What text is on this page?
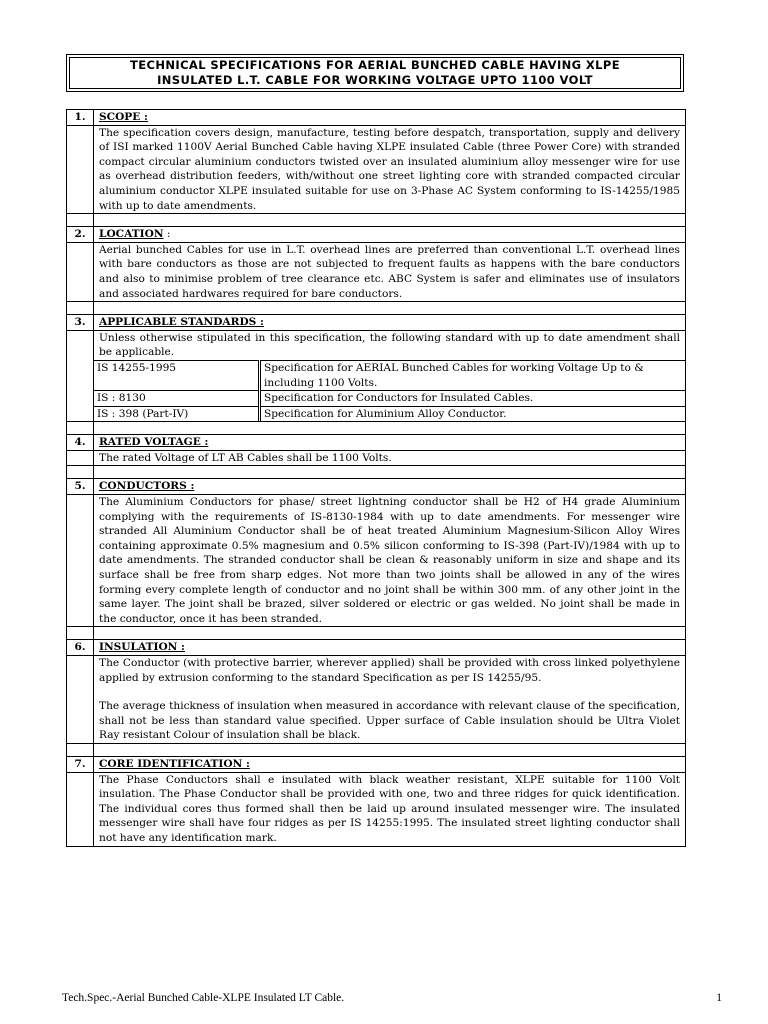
TECHNICAL SPECIFICATIONS FOR AERIAL BUNCHED CABLE HAVING XLPE
INSULATED L.T. CABLE FOR WORKING VOLTAGE UPTO 1100 VOLT
1.	SCOPE :

The specification covers design, manufacture, testing before despatch, transportation, supply and delivery of ISI marked 1100V Aerial Bunched Cable having XLPE insulated Cable (three Power Core) with stranded compact circular aluminium conductors twisted over an insulated aluminium alloy messenger wire for use as overhead distribution feeders, with/without one street lighting core with stranded compacted circular aluminium conductor XLPE insulated suitable for use on 3-Phase AC System conforming to IS-14255/1985 with up to date amendments.

2.	LOCATION :

Aerial bunched Cables for use in L.T. overhead lines are preferred than conventional L.T. overhead lines with bare conductors as those are not subjected to frequent faults as happens with the bare conductors and also to minimise problem of tree clearance etc. ABC System is safer and eliminates use of insulators and associated hardwares required for bare conductors.

3.	APPLICABLE STANDARDS :

Unless otherwise stipulated in this specification, the following standard with up to date amendment shall be applicable.
IS 14255-1995	Specification for AERIAL Bunched Cables for working Voltage Up to & including 1100 Volts.
IS : 8130	Specification for Conductors for Insulated Cables.
IS : 398 (Part-IV)	Specification for Aluminium Alloy Conductor.

4.	RATED VOLTAGE :

The rated Voltage of LT AB Cables shall be 1100 Volts.

5.	CONDUCTORS :

The Aluminium Conductors for phase/ street lightning conductor shall be H2 of H4 grade Aluminium complying with the requirements of IS-8130-1984 with up to date amendments. For messenger wire stranded All Aluminium Conductor shall be of heat treated Aluminium Magnesium-Silicon Alloy Wires containing approximate 0.5% magnesium and 0.5% silicon conforming to IS-398 (Part-IV)/1984 with up to date amendments. The stranded conductor shall be clean & reasonably uniform in size and shape and its surface shall be free from sharp edges. Not more than two joints shall be allowed in any of the wires forming every complete length of conductor and no joint shall be within 300 mm. of any other joint in the same layer. The joint shall be brazed, silver soldered or electric or gas welded. No joint shall be made in the conductor, once it has been stranded.

6.	INSULATION :

The Conductor (with protective barrier, wherever applied) shall be provided with cross linked polyethylene applied by extrusion conforming to the standard Specification as per IS 14255/95.

The average thickness of insulation when measured in accordance with relevant clause of the specification, shall not be less than standard value specified. Upper surface of Cable insulation should be Ultra Violet Ray resistant Colour of insulation shall be black.

7.	CORE IDENTIFICATION :

The Phase Conductors shall e insulated with black weather resistant, XLPE suitable for 1100 Volt insulation. The Phase Conductor shall be provided with one, two and three ridges for quick identification. The individual cores thus formed shall then be laid up around insulated messenger wire. The insulated messenger wire shall have four ridges as per IS 14255:1995. The insulated street lighting conductor shall not have any identification mark.

Tech.Spec.-Aerial Bunched Cable-XLPE Insulated LT Cable.	1
